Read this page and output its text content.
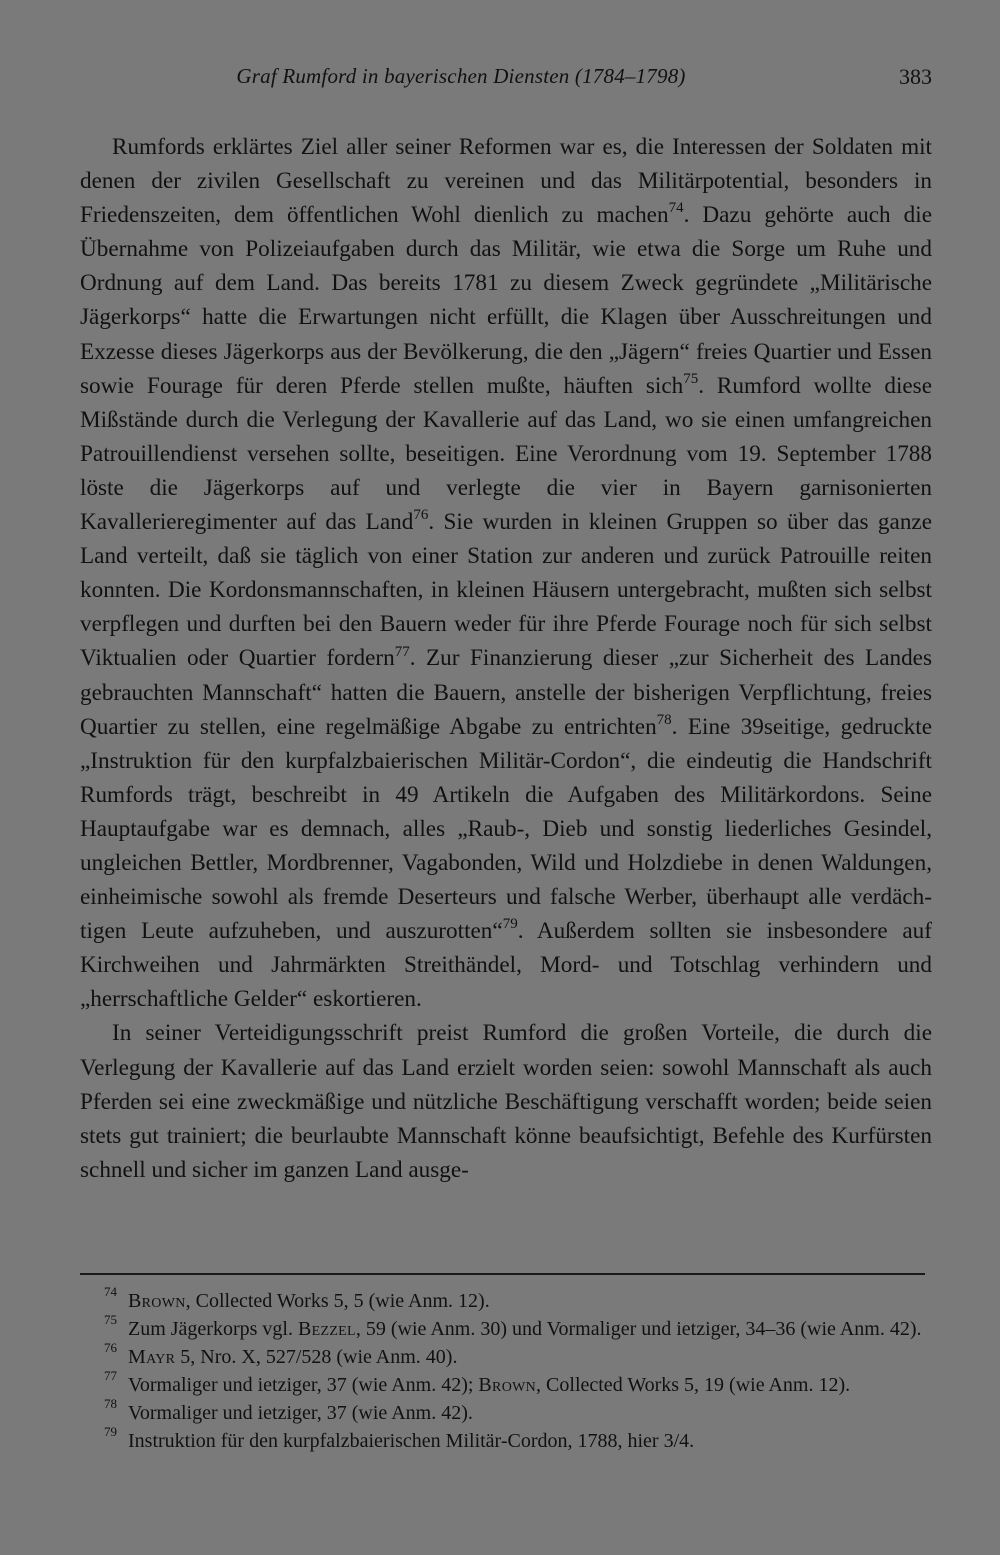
Graf Rumford in bayerischen Diensten (1784–1798)	383

Rumfords erklärtes Ziel aller seiner Reformen war es, die Interessen der Soldaten mit denen der zivilen Gesellschaft zu vereinen und das Militärpotential, besonders in Friedenszeiten, dem öffentlichen Wohl dienlich zu machen$^{74}$. Dazu gehörte auch die Übernahme von Polizeiaufgaben durch das Militär, wie etwa die Sorge um Ruhe und Ordnung auf dem Land. Das bereits 1781 zu diesem Zweck gegründete „Militärische Jägerkorps“ hatte die Erwartungen nicht erfüllt, die Klagen über Ausschreitungen und Exzesse dieses Jägerkorps aus der Bevölkerung, die den „Jägern“ freies Quartier und Essen sowie Fourage für deren Pferde stellen mußte, häuften sich$^{75}$. Rumford wollte diese Mißstände durch die Verlegung der Kavallerie auf das Land, wo sie einen umfangreichen Patrouillendienst versehen sollte, beseitigen. Eine Verordnung vom 19. September 1788 löste die Jägerkorps auf und verlegte die vier in Bayern garnisonierten Kavallerieregimenter auf das Land$^{76}$. Sie wurden in kleinen Gruppen so über das ganze Land verteilt, daß sie täglich von einer Station zur anderen und zurück Patrouille reiten konnten. Die Kordonsmannschaften, in kleinen Häusern untergebracht, mußten sich selbst verpflegen und durften bei den Bauern weder für ihre Pferde Fourage noch für sich selbst Viktualien oder Quartier fordern$^{77}$. Zur Finanzierung dieser „zur Sicherheit des Landes gebrauchten Mannschaft“ hatten die Bauern, anstelle der bisherigen Verpflichtung, freies Quartier zu stellen, eine regelmäßige Abgabe zu entrichten$^{78}$. Eine 39seitige, gedruckte „Instruktion für den kurpfalzbaierischen Militär-Cordon“, die eindeutig die Handschrift Rumfords trägt, beschreibt in 49 Artikeln die Aufgaben des Militärkordons. Seine Hauptaufgabe war es demnach, alles „Raub-, Dieb und sonstig liederliches Gesindel, ungleichen Bettler, Mordbrenner, Vagabonden, Wild und Holzdiebe in denen Waldungen, einheimische sowohl als fremde Deserteurs und falsche Werber, überhaupt alle verdächtigen Leute aufzuheben, und auszurotten“$^{79}$. Außerdem sollten sie insbesondere auf Kirchweihen und Jahrmärkten Streithändel, Mord- und Totschlag verhindern und „herrschaftliche Gelder“ eskortieren.

In seiner Verteidigungsschrift preist Rumford die großen Vorteile, die durch die Verlegung der Kavallerie auf das Land erzielt worden seien: sowohl Mannschaft als auch Pferden sei eine zweckmäßige und nützliche Beschäftigung verschafft worden; beide seien stets gut trainiert; die beurlaubte Mannschaft könne beaufsichtigt, Befehle des Kurfürsten schnell und sicher im ganzen Land ausge-

74 Brown, Collected Works 5, 5 (wie Anm. 12).
75 Zum Jägerkorps vgl. Bezzel, 59 (wie Anm. 30) und Vormaliger und ietziger, 34–36 (wie Anm. 42).
76 Mayr 5, Nro. X, 527/528 (wie Anm. 40).
77 Vormaliger und ietziger, 37 (wie Anm. 42); Brown, Collected Works 5, 19 (wie Anm. 12).
78 Vormaliger und ietziger, 37 (wie Anm. 42).
79 Instruktion für den kurpfalzbaierischen Militär-Cordon, 1788, hier 3/4.
